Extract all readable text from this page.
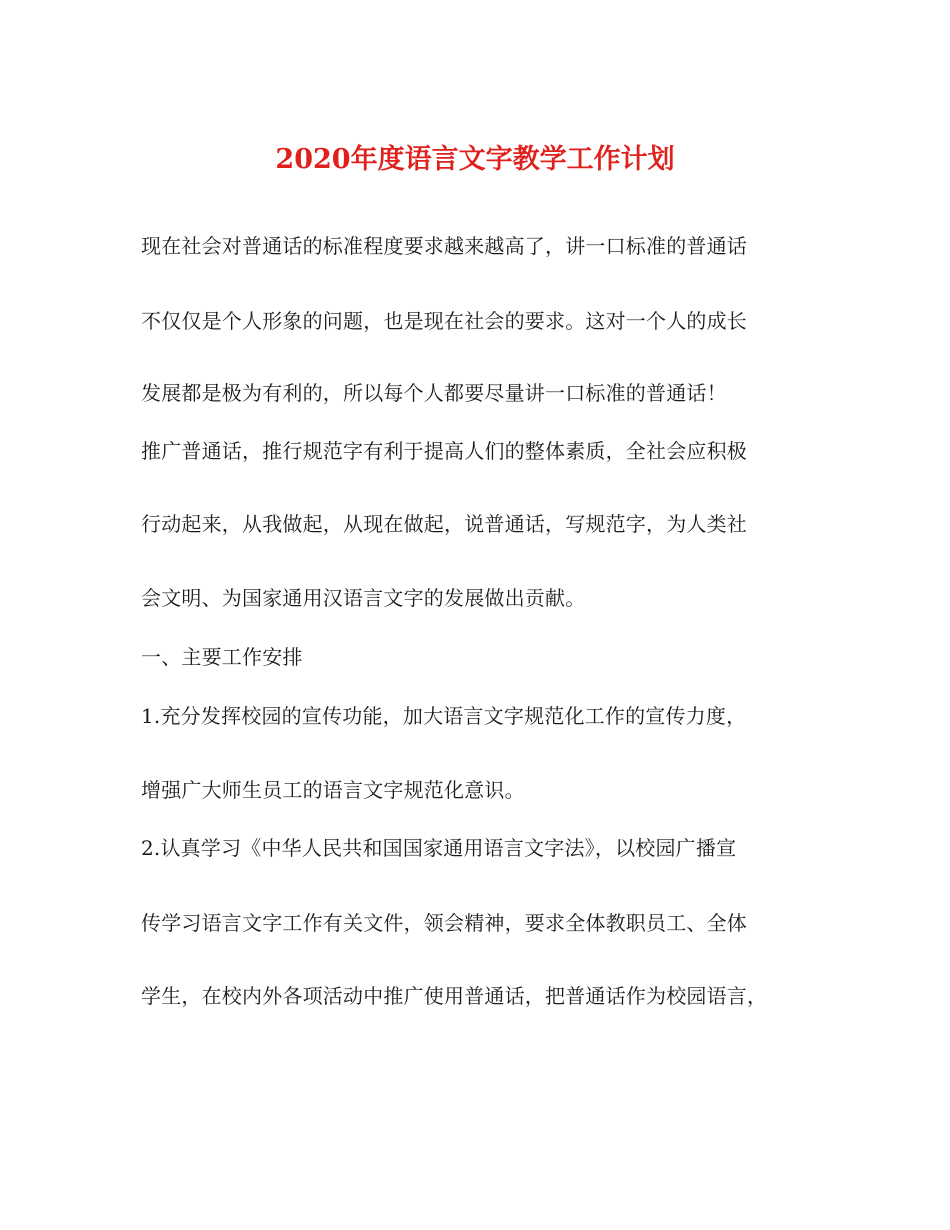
2020年度语言文字教学工作计划
现在社会对普通话的标准程度要求越来越高了，讲一口标准的普通话
不仅仅是个人形象的问题，也是现在社会的要求。这对一个人的成长
发展都是极为有利的，所以每个人都要尽量讲一口标准的普通话！
推广普通话，推行规范字有利于提高人们的整体素质，全社会应积极
行动起来，从我做起，从现在做起，说普通话，写规范字，为人类社
会文明、为国家通用汉语言文字的发展做出贡献。
一、主要工作安排
1.充分发挥校园的宣传功能，加大语言文字规范化工作的宣传力度，
增强广大师生员工的语言文字规范化意识。
2.认真学习《中华人民共和国国家通用语言文字法》，以校园广播宣
传学习语言文字工作有关文件，领会精神，要求全体教职员工、全体
学生，在校内外各项活动中推广使用普通话，把普通话作为校园语言，
